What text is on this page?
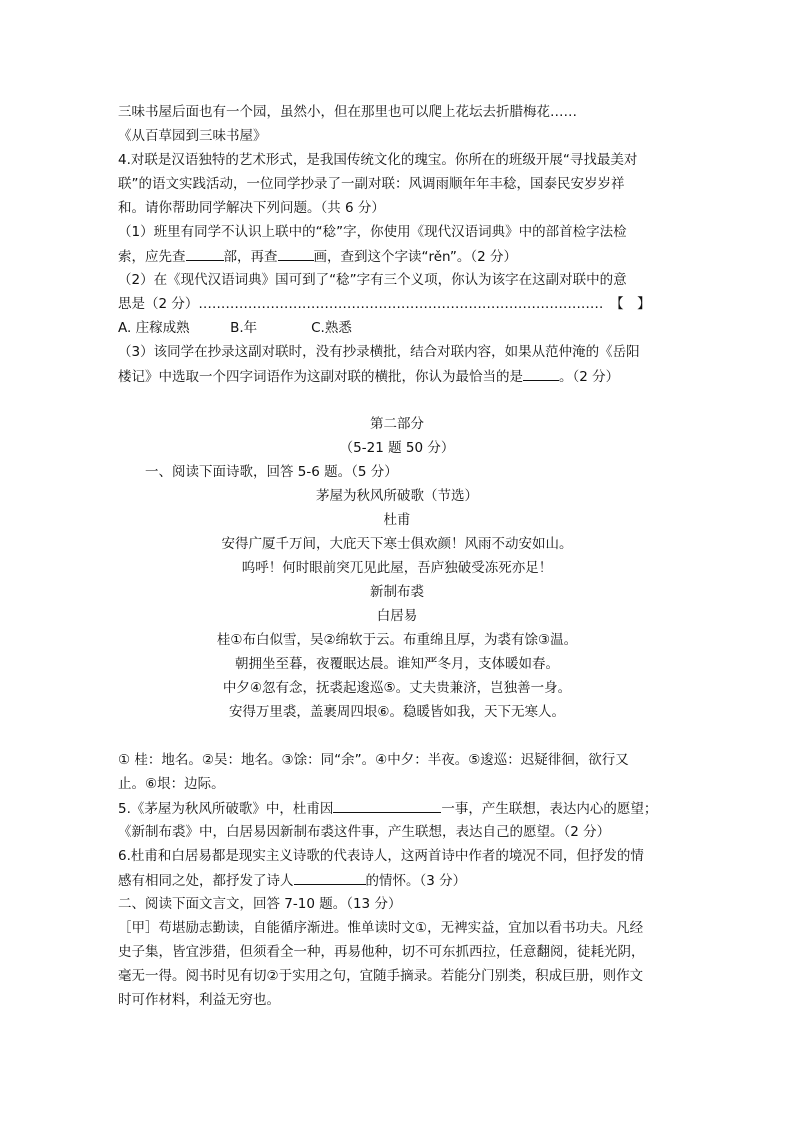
三味书屋后面也有一个园，虽然小，但在那里也可以爬上花坛去折腊梅花……
《从百草园到三味书屋》
4.对联是汉语独特的艺术形式，是我国传统文化的瑰宝。你所在的班级开展“寻找最美对
联”的语文实践活动，一位同学抄录了一副对联：风调雨顺年年丰稔，国泰民安岁岁祥
和。请你帮助同学解决下列问题。（共 6 分）
（1）班里有同学不认识上联中的“稔”字，你使用《现代汉语词典》中的部首检字法检
索，应先查	部，再查	画，查到这个字读“rěn”。（2 分）
（2）在《现代汉语词典》国可到了“稔”字有三个义项，你认为该字在这副对联中的意
思是（2 分）………………………………………………………………………………　【　】
A. 庄稼成熟　　　B.年　　　　C.熟悉
（3）该同学在抄录这副对联时，没有抄录横批，结合对联内容，如果从范仲淹的《岳阳
楼记》中选取一个四字词语作为这副对联的横批，你认为最恰当的是	。（2 分）
第二部分
（5-21 题 50 分）
一、阅读下面诗歌，回答 5-6 题。（5 分）
茅屋为秋风所破歌（节选）
杜甫
安得广厦千万间，大庇天下寒士俱欢颜！风雨不动安如山。
呜呼！何时眼前突兀见此屋，吾庐独破受冻死亦足！
新制布裘
白居易
桂①布白似雪，吴②绵软于云。布重绵且厚，为裘有馀③温。
朝拥坐至暮，夜覆眠达晨。谁知严冬月，支体暖如春。
中夕④忽有念，抚裘起逡巡⑤。丈夫贵兼济，岂独善一身。
安得万里裘，盖裹周四垠⑥。稳暖皆如我，天下无寒人。
① 桂：地名。②吴：地名。③馀：同“余”。④中夕：半夜。⑤逡巡：迟疑徘徊，欲行又
止。⑥垠：边际。
5.《茅屋为秋风所破歌》中，杜甫因	一事，产生联想，表达内心的愿望；
《新制布裘》中，白居易因新制布裘这件事，产生联想，表达自己的愿望。（2 分）
6.杜甫和白居易都是现实主义诗歌的代表诗人，这两首诗中作者的境况不同，但抒发的情
感有相同之处，都抒发了诗人	的情怀。（3 分）
二、阅读下面文言文，回答 7-10 题。（13 分）
［甲］苟堪励志勤读，自能循序渐进。惟单读时文①，无裨实益，宜加以看书功夫。凡经
史子集，皆宜涉猎，但须看全一种，再易他种，切不可东抓西拉，任意翻阅，徒耗光阴，
毫无一得。阅书时见有切②于实用之句，宜随手摘录。若能分门别类，积成巨册，则作文
时可作材料，利益无穷也。
